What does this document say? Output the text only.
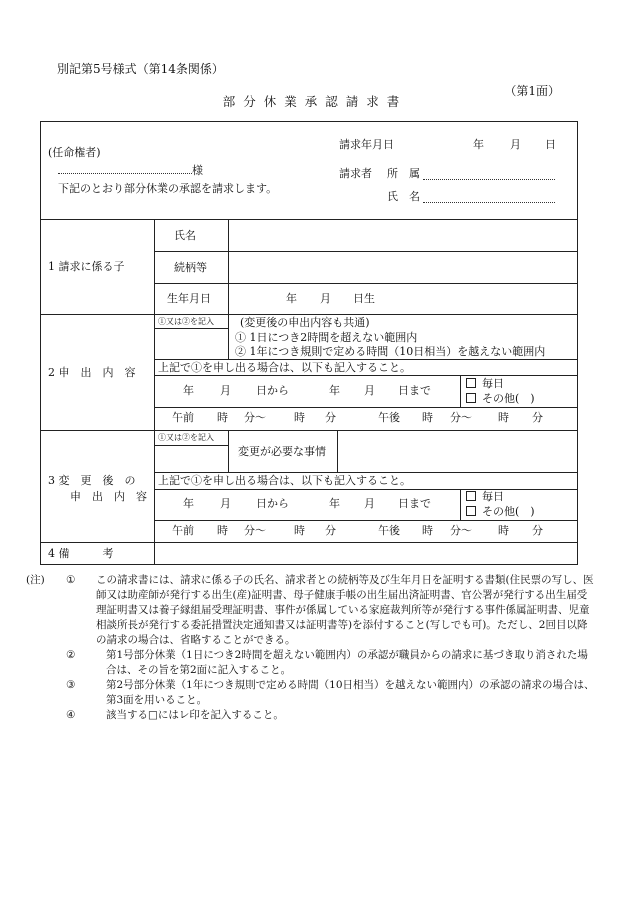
別記第5号様式（第14条関係）
（第1面）
部分休業承認請求書
(任命権者)
様
下記のとおり部分休業の承認を請求します。
請求年月日	年 月 日
請求者 所　属
氏　名
1 請求に係る子
氏名
続柄等
生年月日	年 月 日生
2 申　出　内　容
①又は②を記入 (変更後の申出内容も共通)
① 1日につき2時間を超えない範囲内
② 1年につき規則で定める時間（10日相当）を越えない範囲内
上記で①を申し出る場合は、以下も記入すること。
年 月 日から	年 月 日まで
毎日
その他(　)
午前 時 分〜	時 分	午後 時 分〜 時 分
3 変　更　後　の
申　出　内　容
①又は②を記入
変更が必要な事情
上記で①を申し出る場合は、以下も記入すること。
年 月 日から	年 月 日まで
毎日
その他(　)
午前 時 分〜	時 分	午後 時 分〜 時 分
4 備　　　考
(注) ① この請求書には、請求に係る子の氏名、請求者との続柄等及び生年月日を証明する書類(住民票の写し、医師又は助産師が発行する出生(産)証明書、母子健康手帳の出生届出済証明書、官公署が発行する出生届受理証明書又は養子縁組届受理証明書、事件が係属している家庭裁判所等が発行する事件係属証明書、児童相談所長が発行する委託措置決定通知書又は証明書等)を添付すること(写しでも可)。ただし、2回目以降の請求の場合は、省略することができる。
②	第1号部分休業（1日につき2時間を超えない範囲内）の承認が職員からの請求に基づき取り消された場合は、その旨を第2面に記入すること。
③	第2号部分休業（1年につき規則で定める時間（10日相当）を越えない範囲内）の承認の請求の場合は、第3面を用いること。
④	該当する□にはレ印を記入すること。
